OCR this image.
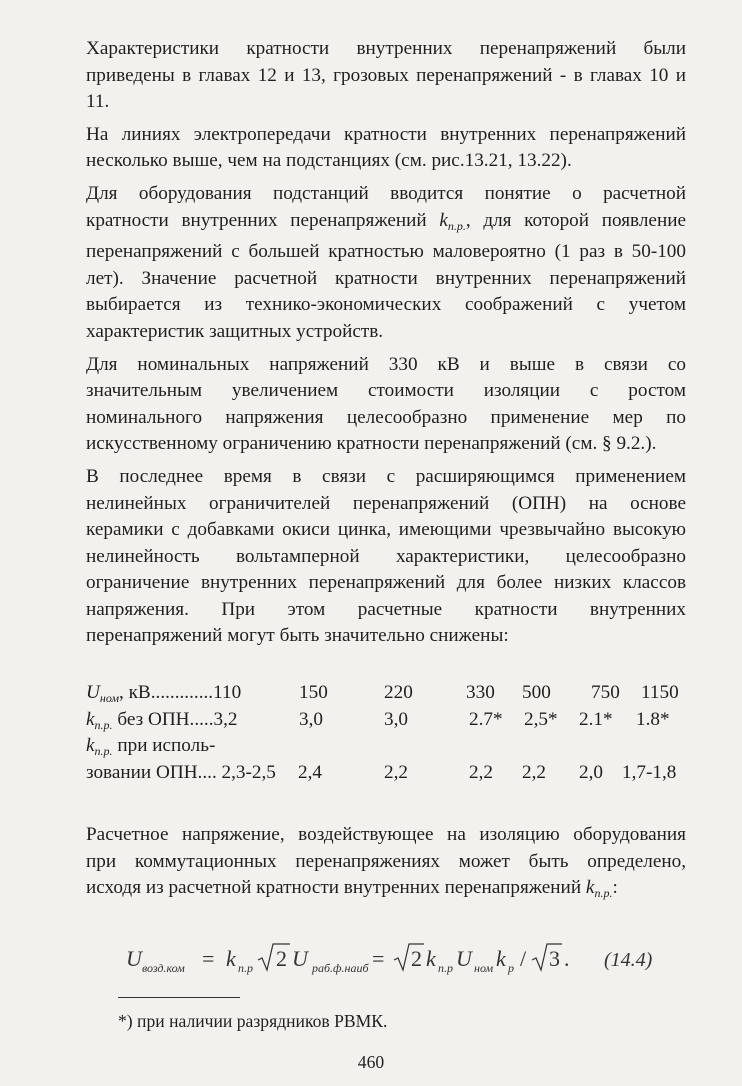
Характеристики кратности внутренних перенапряжений были
приведены в главах 12 и 13, грозовых перенапряжений - в главах 10 и
11.
На линиях электропередачи кратности внутренних перенапряжений
несколько выше, чем на подстанциях (см. рис.13.21, 13.22).
Для оборудования подстанций вводится понятие о расчетной
кратности внутренних перенапряжений $k_{п.р.}$, для которой появление
перенапряжений с большей кратностью маловероятно (1 раз в 50-100
лет). Значение расчетной кратности внутренних перенапряжений
выбирается из технико-экономических соображений с учетом
характеристик защитных устройств.
Для номинальных напряжений 330 кВ и выше в связи со
значительным увеличением стоимости изоляции с ростом
номинального напряжения целесообразно применение мер по
искусственному ограничению кратности перенапряжений (см. § 9.2.).
В последнее время в связи с расширяющимся применением
нелинейных ограничителей перенапряжений (ОПН) на основе
керамики с добавками окиси цинка, имеющими чрезвычайно высокую
нелинейность вольтамперной характеристики, целесообразно
ограничение внутренних перенапряжений для более низких классов
напряжения. При этом расчетные кратности внутренних
перенапряжений могут быть значительно снижены:
$U_{ном}$, кВ.............110	150	220	330 500 750 1150
$k_{п.р.}$ без ОПН.....3,2	3,0	3,0	2.7* 2,5* 2.1* 1.8*
$k_{п.р.}$ при исполь-
зовании ОПН.... 2,3-2,5 2,4	2,2	2,2 2,2 2,0 1,7-1,8
Расчетное напряжение, воздействующее на изоляцию оборудования
при коммутационных перенапряжениях может быть определено,
исходя из расчетной кратности внутренних перенапряжений $k_{п.р.}$:
U возд.ком = k п.р 2 U раб.ф.наиб = 2 k п.р U ном k р / 3 . (14.4)
*) при наличии разрядников РВМК.
460
